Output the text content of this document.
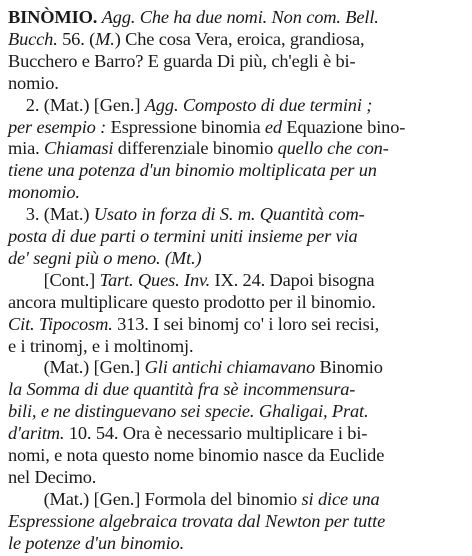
BINÒMIO. Agg. Che ha due nomi. Non com. Bell.
Bucch. 56. (M.) Che cosa Vera, eroica, grandiosa,
Bucchero e Barro? E guarda Di più, ch'egli è bi-
nomio.
2. (Mat.) [Gen.] Agg. Composto di due termini ;
per esempio : Espressione binomia ed Equazione bino-
mia. Chiamasi differenziale binomio quello che con-
tiene una potenza d'un binomio moltiplicata per un
monomio.
3. (Mat.) Usato in forza di S. m. Quantità com-
posta di due parti o termini uniti insieme per via
de' segni più o meno. (Mt.)
[Cont.] Tart. Ques. Inv. IX. 24. Dapoi bisogna
ancora multiplicare questo prodotto per il binomio.
Cit. Tipocosm. 313. I sei binomj co' i loro sei recisi,
e i trinomj, e i moltinomj.
(Mat.) [Gen.] Gli antichi chiamavano Binomio
la Somma di due quantità fra sè incommensura-
bili, e ne distinguevano sei specie. Ghaligai, Prat.
d'aritm. 10. 54. Ora è necessario multiplicare i bi-
nomi, e nota questo nome binomio nasce da Euclide
nel Decimo.
(Mat.) [Gen.] Formola del binomio si dice una
Espressione algebraica trovata dal Newton per tutte
le potenze d'un binomio.
